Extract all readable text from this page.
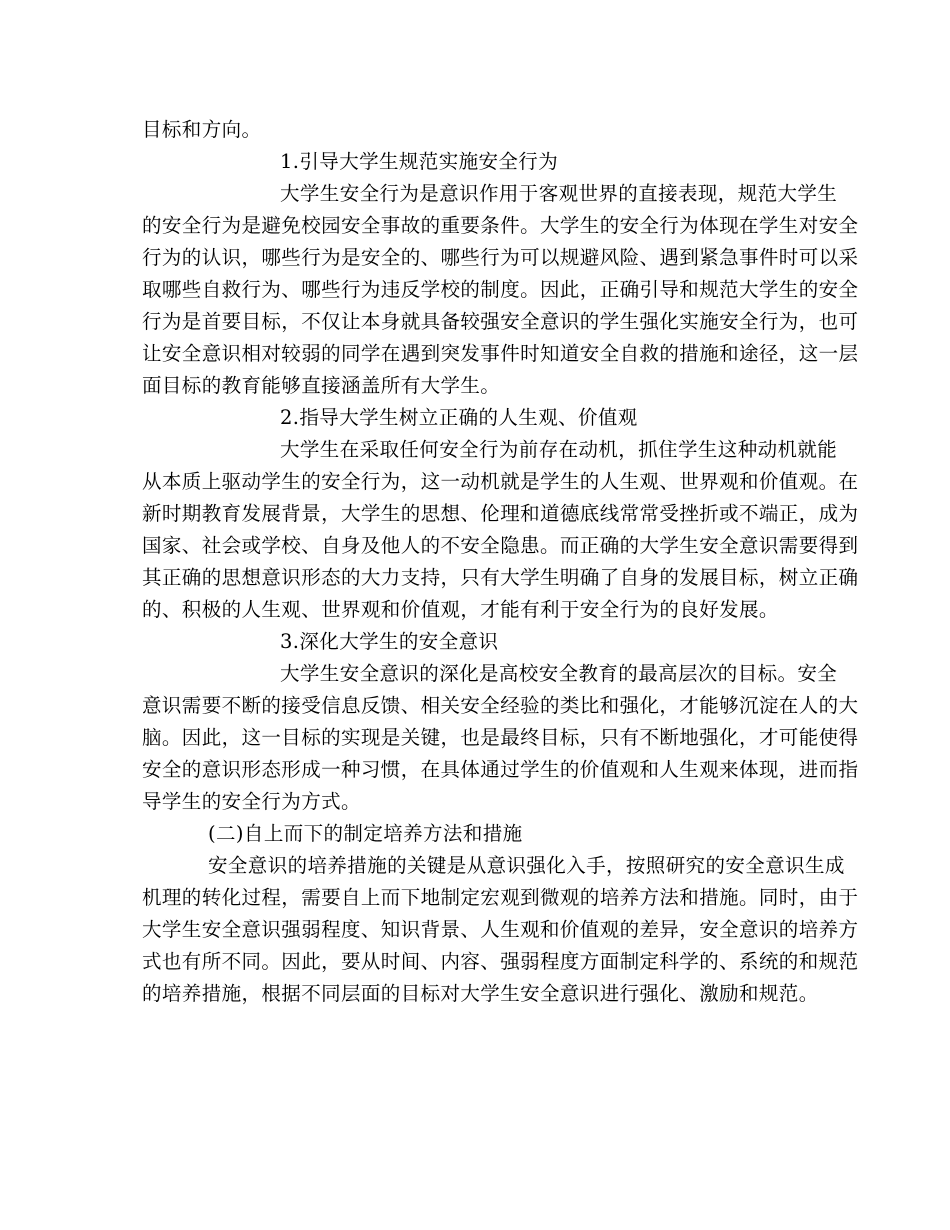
目标和方向。
1.引导大学生规范实施安全行为
大学生安全行为是意识作用于客观世界的直接表现，规范大学生
的安全行为是避免校园安全事故的重要条件。大学生的安全行为体现在学生对安全
行为的认识，哪些行为是安全的、哪些行为可以规避风险、遇到紧急事件时可以采
取哪些自救行为、哪些行为违反学校的制度。因此，正确引导和规范大学生的安全
行为是首要目标，不仅让本身就具备较强安全意识的学生强化实施安全行为，也可
让安全意识相对较弱的同学在遇到突发事件时知道安全自救的措施和途径，这一层
面目标的教育能够直接涵盖所有大学生。
2.指导大学生树立正确的人生观、价值观
大学生在采取任何安全行为前存在动机，抓住学生这种动机就能
从本质上驱动学生的安全行为，这一动机就是学生的人生观、世界观和价值观。在
新时期教育发展背景，大学生的思想、伦理和道德底线常常受挫折或不端正，成为
国家、社会或学校、自身及他人的不安全隐患。而正确的大学生安全意识需要得到
其正确的思想意识形态的大力支持，只有大学生明确了自身的发展目标，树立正确
的、积极的人生观、世界观和价值观，才能有利于安全行为的良好发展。
3.深化大学生的安全意识
大学生安全意识的深化是高校安全教育的最高层次的目标。安全
意识需要不断的接受信息反馈、相关安全经验的类比和强化，才能够沉淀在人的大
脑。因此，这一目标的实现是关键，也是最终目标，只有不断地强化，才可能使得
安全的意识形态形成一种习惯，在具体通过学生的价值观和人生观来体现，进而指
导学生的安全行为方式。
(二)自上而下的制定培养方法和措施
安全意识的培养措施的关键是从意识强化入手，按照研究的安全意识生成
机理的转化过程，需要自上而下地制定宏观到微观的培养方法和措施。同时，由于
大学生安全意识强弱程度、知识背景、人生观和价值观的差异，安全意识的培养方
式也有所不同。因此，要从时间、内容、强弱程度方面制定科学的、系统的和规范
的培养措施，根据不同层面的目标对大学生安全意识进行强化、激励和规范。
